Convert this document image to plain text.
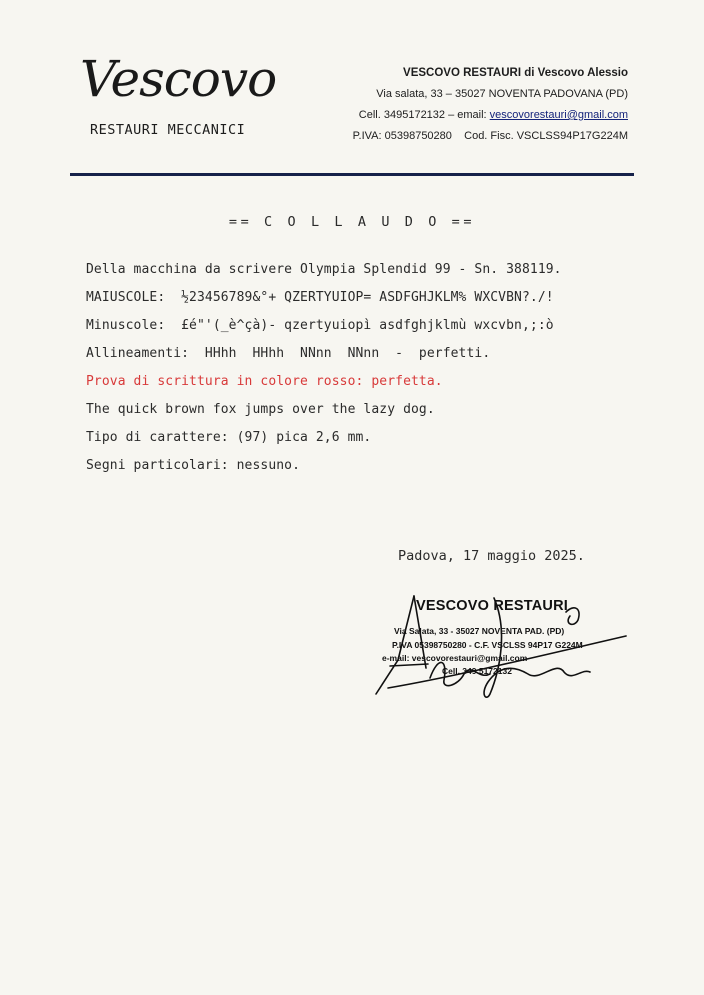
Vescovo
RESTAURI MECCANICI
VESCOVO RESTAURI di Vescovo Alessio
Via salata, 33 – 35027 NOVENTA PADOVANA (PD)
Cell. 3495172132 – email: vescovorestauri@gmail.com
P.IVA: 05398750280    Cod. Fisc. VSCLSS94P17G224M
== C O L L A U D O ==
Della macchina da scrivere Olympia Splendid 99 - Sn. 388119.
MAIUSCOLE:  ½23456789&°+ QZERTYUIOP= ASDFGHJKLM% WXCVBN?./!
Minuscole:  £é"'(_è^çà)- qzertyuiopì asdfghjklmù wxcvbn,;:ò
Allineamenti:  HHhh  HHhh  NNnn  NNnn  -  perfetti.
Prova di scrittura in colore rosso: perfetta.
The quick brown fox jumps over the lazy dog.
Tipo di carattere: (97) pica 2,6 mm.
Segni particolari: nessuno.
Padova, 17 maggio 2025.
VESCOVO RESTAURI
Via Salata, 33 - 35027 NOVENTA PAD. (PD)
P.IVA 05398750280 - C.F. VSCLSS 94P17 G224M
e-mail: vescovorestauri@gmail.com
Cell. 349 5172132
